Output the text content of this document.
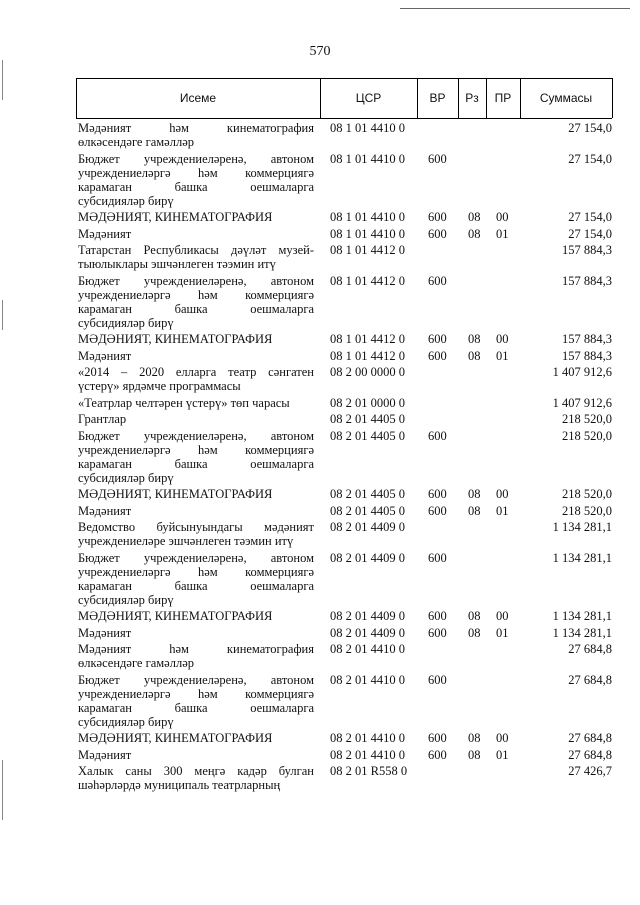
570
Исеме	ЦСР	ВР	Рз	ПР	Суммасы
Мәдәният һәм кинематография
өлкәсендәге гамәлләр
08 1 01 4410 0	27 154,0
Бюджет учреждениеләренә, автоном
учреждениеләргә һәм коммерциягә
карамаган башка оешмаларга
субсидияләр бирү
08 1 01 4410 0 600	27 154,0
МӘДӘНИЯТ, КИНЕМАТОГРАФИЯ	08 1 01 4410 0 600 08 00	27 154,0
Мәдәният	08 1 01 4410 0 600 08 01	27 154,0
Татарстан Республикасы дәүләт музей-
тыюлыклары эшчәнлеген тәэмин итү
08 1 01 4412 0	157 884,3
Бюджет учреждениеләренә, автоном
учреждениеләргә һәм коммерциягә
карамаган башка оешмаларга
субсидияләр бирү
08 1 01 4412 0 600	157 884,3
МӘДӘНИЯТ, КИНЕМАТОГРАФИЯ	08 1 01 4412 0 600 08 00	157 884,3
Мәдәният	08 1 01 4412 0 600 08 01	157 884,3
«2014 – 2020 елларга театр сәнгатен
үстерү» ярдәмче программасы
08 2 00 0000 0	1 407 912,6
«Театрлар челтәрен үстерү» төп чарасы	08 2 01 0000 0	1 407 912,6
Грантлар	08 2 01 4405 0	218 520,0
Бюджет учреждениеләренә, автоном
учреждениеләргә һәм коммерциягә
карамаган башка оешмаларга
субсидияләр бирү
08 2 01 4405 0 600	218 520,0
МӘДӘНИЯТ, КИНЕМАТОГРАФИЯ	08 2 01 4405 0 600 08 00	218 520,0
Мәдәният	08 2 01 4405 0 600 08 01	218 520,0
Ведомство буйсынуындагы мәдәният
учреждениеләре эшчәнлеген тәэмин итү
08 2 01 4409 0	1 134 281,1
Бюджет учреждениеләренә, автоном
учреждениеләргә һәм коммерциягә
карамаган башка оешмаларга
субсидияләр бирү
08 2 01 4409 0 600	1 134 281,1
МӘДӘНИЯТ, КИНЕМАТОГРАФИЯ	08 2 01 4409 0 600 08 00	1 134 281,1
Мәдәният	08 2 01 4409 0 600 08 01	1 134 281,1
Мәдәният һәм кинематография
өлкәсендәге гамәлләр
08 2 01 4410 0	27 684,8
Бюджет учреждениеләренә, автоном
учреждениеләргә һәм коммерциягә
карамаган башка оешмаларга
субсидияләр бирү
08 2 01 4410 0 600	27 684,8
МӘДӘНИЯТ, КИНЕМАТОГРАФИЯ	08 2 01 4410 0 600 08 00	27 684,8
Мәдәният	08 2 01 4410 0 600 08 01	27 684,8
Халык саны 300 меңгә кадәр булган
шәһәрләрдә муниципаль театрларның
08 2 01 R558 0	27 426,7
